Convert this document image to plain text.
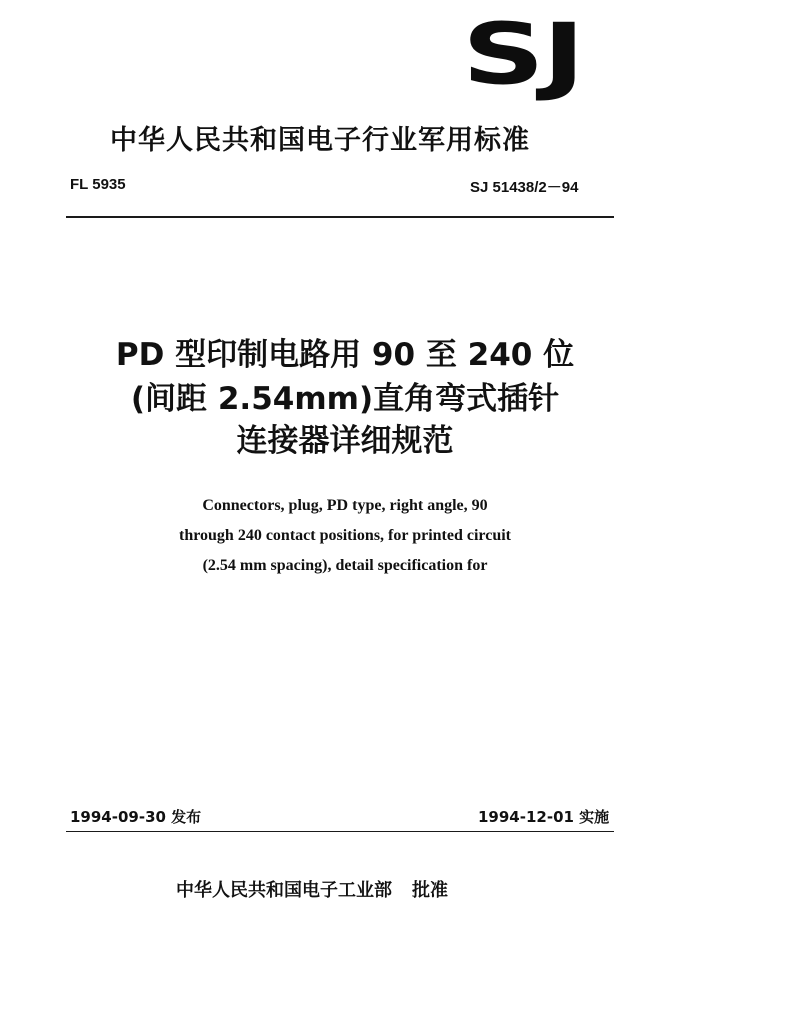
SJ
中华人民共和国电子行业军用标准
FL 5935	SJ 51438/2－94
PD 型印制电路用 90 至 240 位
(间距 2.54mm)直角弯式插针
连接器详细规范
Connectors, plug, PD type, right angle, 90
through 240 contact positions, for printed circuit
(2.54 mm spacing), detail specification for
1994-09-30 发布	1994-12-01 实施
中华人民共和国电子工业部 批准
